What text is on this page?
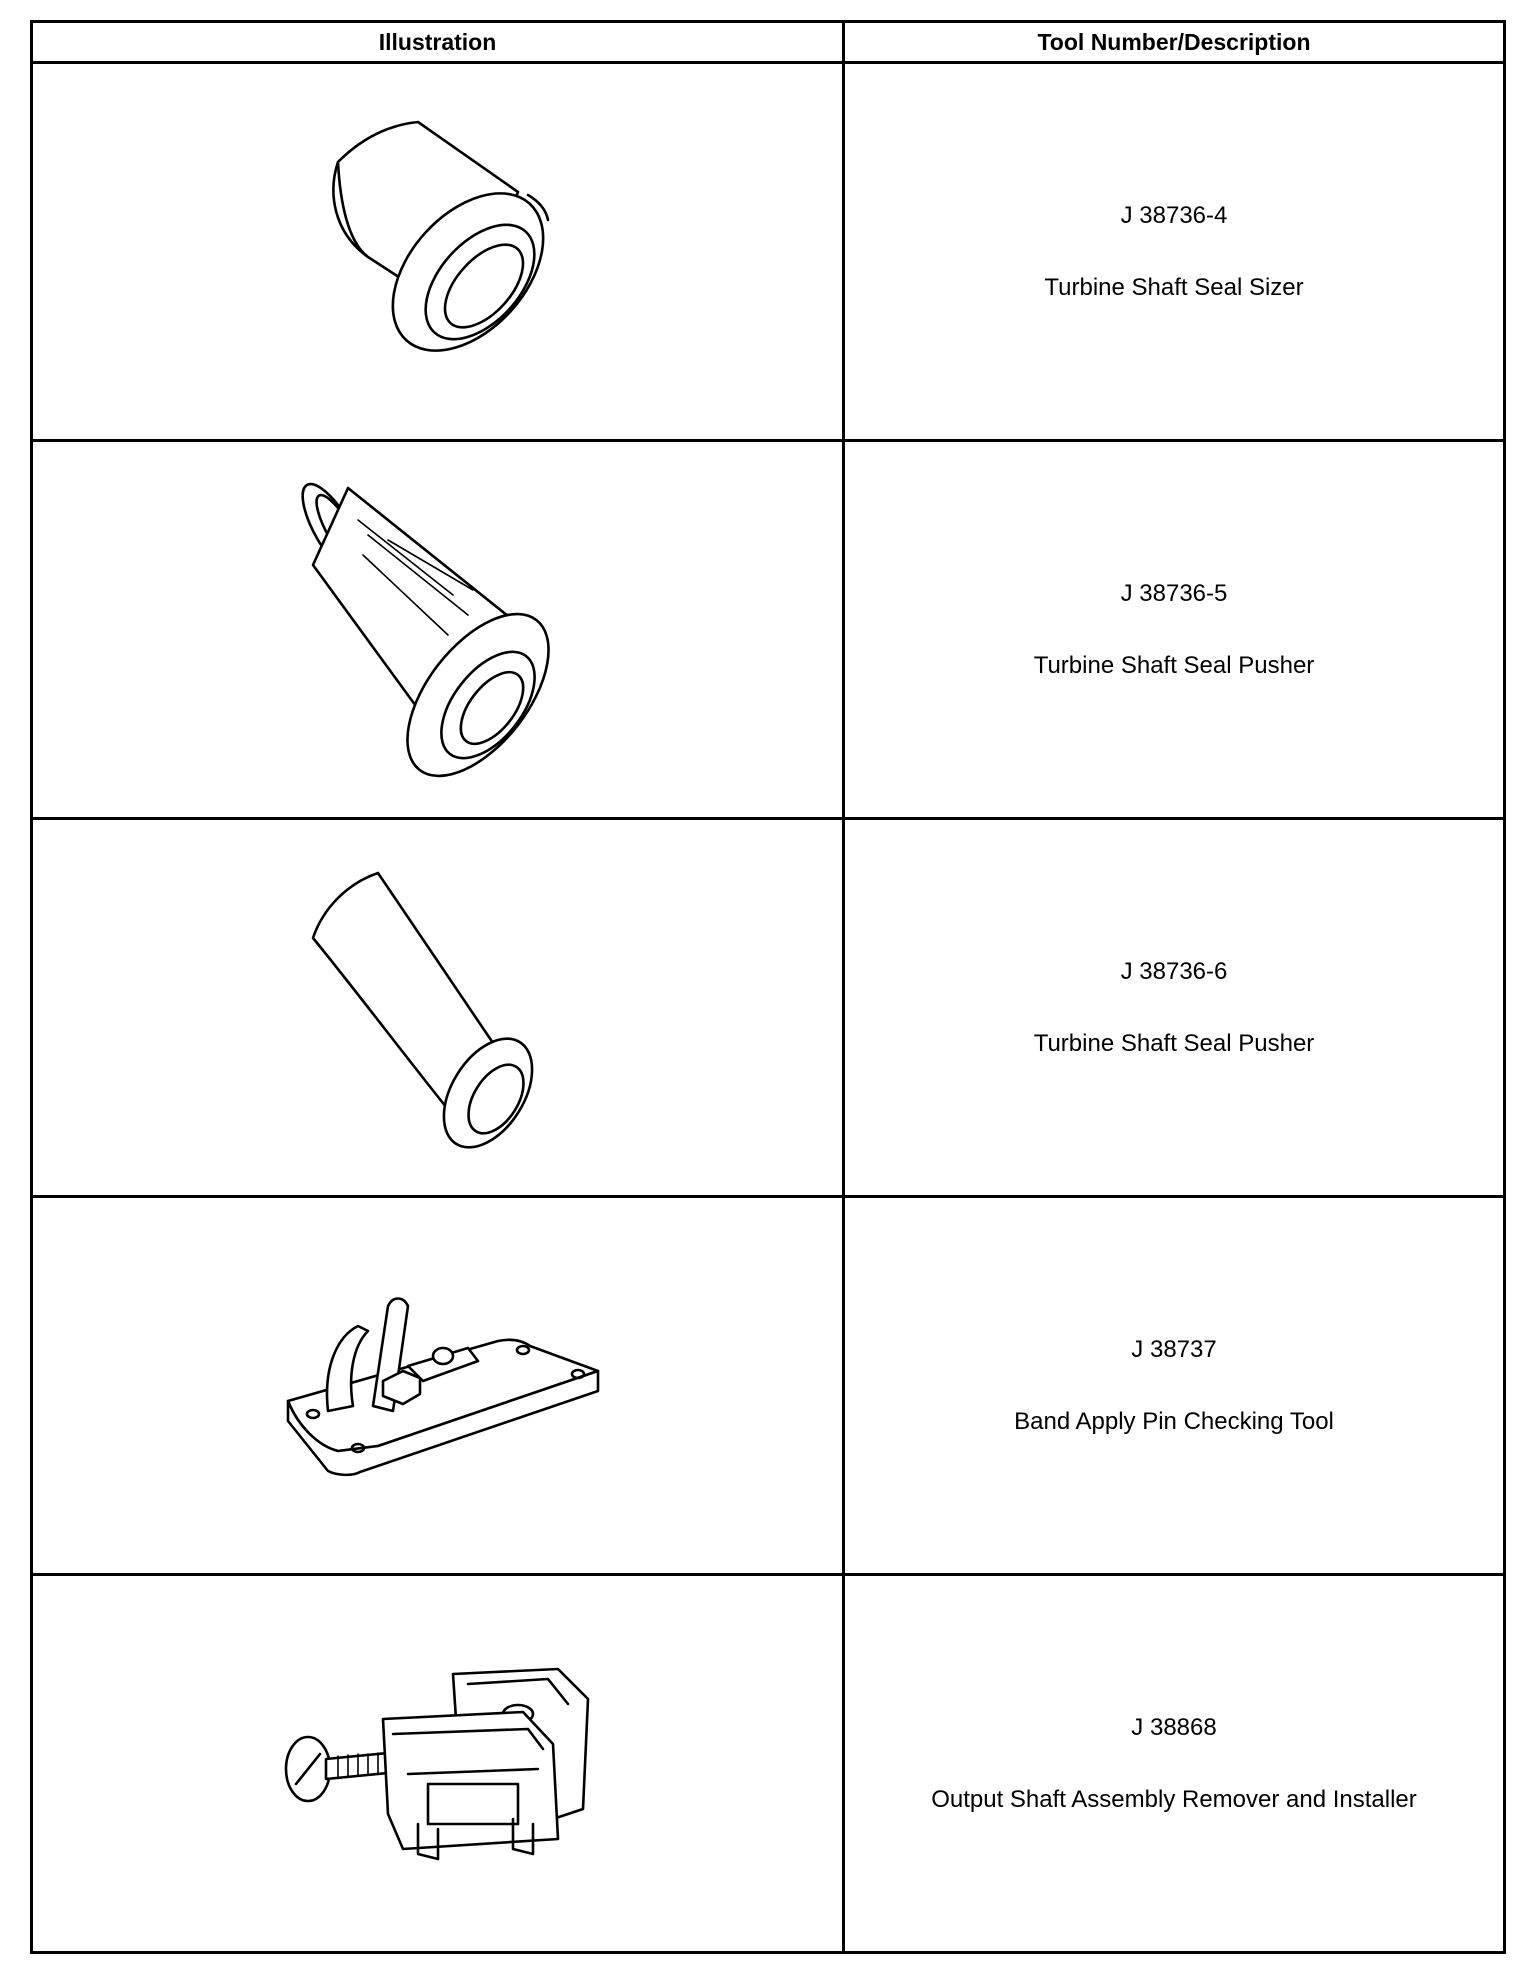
Illustration	Tool Number/Description

J 38736-4
Turbine Shaft Seal Sizer

J 38736-5
Turbine Shaft Seal Pusher

J 38736-6
Turbine Shaft Seal Pusher

J 38737
Band Apply Pin Checking Tool

J 38868
Output Shaft Assembly Remover and Installer
